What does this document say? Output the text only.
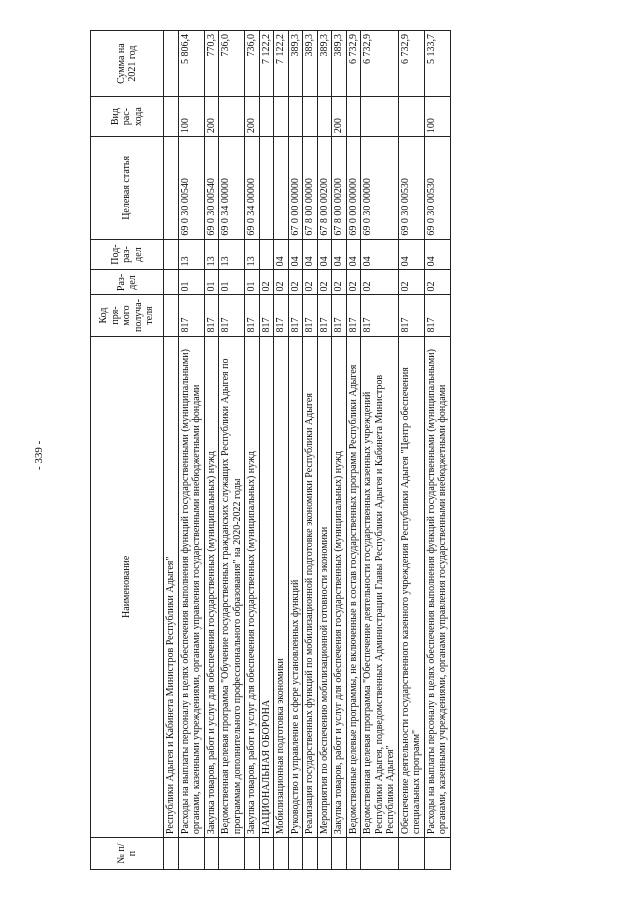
- 339 -
№ п/п	Наименование	Код пря-мого получа-теля	Раз-дел	Под-раз-дел	Целевая статья	Вид рас-хода	Сумма на 2021 год
	Республики Адыгея и Кабинета Министров Республики Адыгея"						
	Расходы на выплаты персоналу в целях обеспечения выполнения функций государственными (муниципальными) органами, казенными учреждениями, органами управления государственными внебюджетными фондами	817	01	13	69 0 30 00540	100	5 806,4
	Закупка товаров, работ и услуг для обеспечения государственных (муниципальных) нужд	817	01	13	69 0 30 00540	200	770,3
	Ведомственная целевая программа "Обучение государственных гражданских служащих Республики Адыгея по программам дополнительного профессионального образования" на 2020-2022 годы	817	01	13	69 0 34 00000		736,0
	Закупка товаров, работ и услуг для обеспечения государственных (муниципальных) нужд	817	01	13	69 0 34 00000	200	736,0
	НАЦИОНАЛЬНАЯ ОБОРОНА	817	02				7 122,2
	Мобилизационная подготовка экономики	817	02	04			7 122,2
	Руководство и управление в сфере установленных функций	817	02	04	67 0 00 00000		389,3
	Реализация государственных функций по мобилизационной подготовке экономики Республики Адыгея	817	02	04	67 8 00 00000		389,3
	Мероприятия по обеспечению мобилизационной готовности экономики	817	02	04	67 8 00 00200		389,3
	Закупка товаров, работ и услуг для обеспечения государственных (муниципальных) нужд	817	02	04	67 8 00 00200	200	389,3
	Ведомственные целевые программы, не включенные в состав государственных программ Республики Адыгея	817	02	04	69 0 00 00000		6 732,9
	Ведомственная целевая программа "Обеспечение деятельности государственных казенных учреждений Республики Адыгея, подведомственных Администрации Главы Республики Адыгея и Кабинета Министров Республики Адыгея"	817	02	04	69 0 30 00000		6 732,9
	Обеспечение деятельности государственного казенного учреждения Республики Адыгея "Центр обеспечения специальных программ"	817	02	04	69 0 30 00530		6 732,9
	Расходы на выплаты персоналу в целях обеспечения выполнения функций государственными (муниципальными) органами, казенными учреждениями, органами управления государственными внебюджетными фондами	817	02	04	69 0 30 00530	100	5 133,7
